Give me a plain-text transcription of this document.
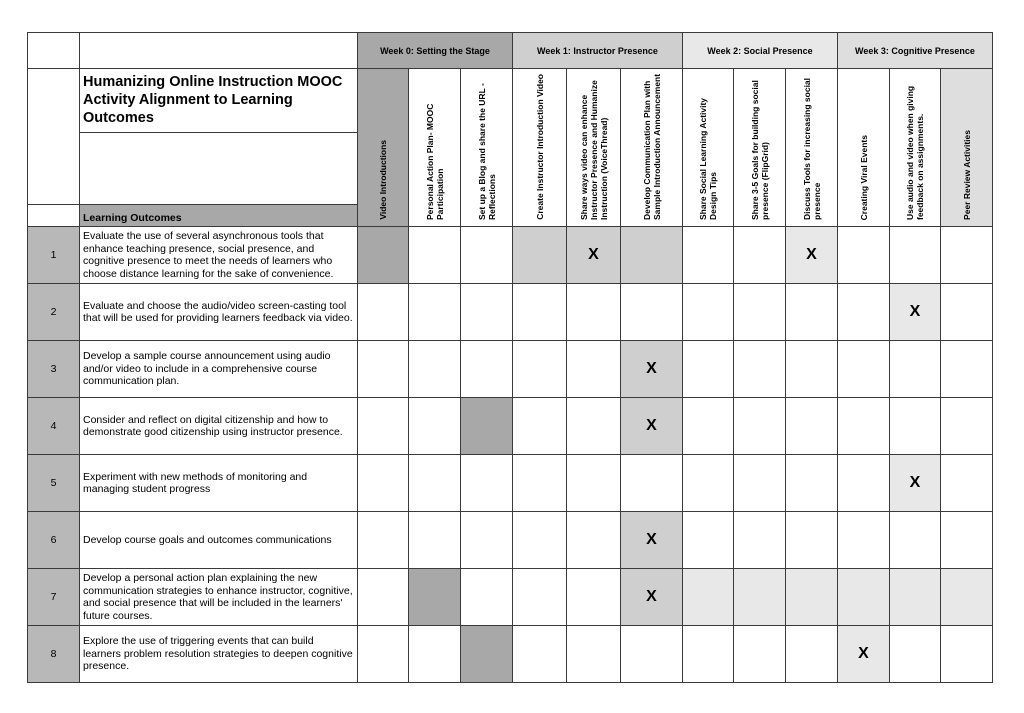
		Week 0: Setting the Stage			Week 1: Instructor Presence			Week 2: Social Presence			Week 3: Cognitive Presence		

	Humanizing Online Instruction MOOC Activity Alignment to Learning Outcomes	Video Introductions	Personal Action Plan- MOOC Participation	Set up a Blog and share the URL - Reflections	Create Instructor Introduction Video	Share ways video can enhance Instructor Presence and Humanize Instruction (VoiceThread)	Develop Communication Plan with Sample Introduction Announcement	Share Social Learning Activity Design Tips	Share 3-5 Goals for building social presence (FlipGrid)	Discuss Tools for increasing social presence	Creating Viral Events	Use audio and video when giving feedback on assignments.	Peer Review Activities

	Learning Outcomes												
1	Evaluate the use of several asynchronous tools that enhance teaching presence, social presence, and cognitive presence to meet the needs of learners who choose distance learning for the sake of convenience.					X				X			
2	Evaluate and choose the audio/video screen-casting tool that will be used for providing learners feedback via video.											X	
3	Develop a sample course announcement using audio and/or video to include in a comprehensive course communication plan.						X						
4	Consider and reflect on digital citizenship and how to demonstrate good citizenship using instructor presence.						X						
5	Experiment with new methods of monitoring and managing student progress											X	
6	Develop course goals and outcomes communications						X						
7	Develop a personal action plan explaining the new communication strategies to enhance instructor, cognitive, and social presence that will be included in the learners' future courses.						X						
8	Explore the use of triggering events that can build learners problem resolution strategies to deepen cognitive presence.										X		
